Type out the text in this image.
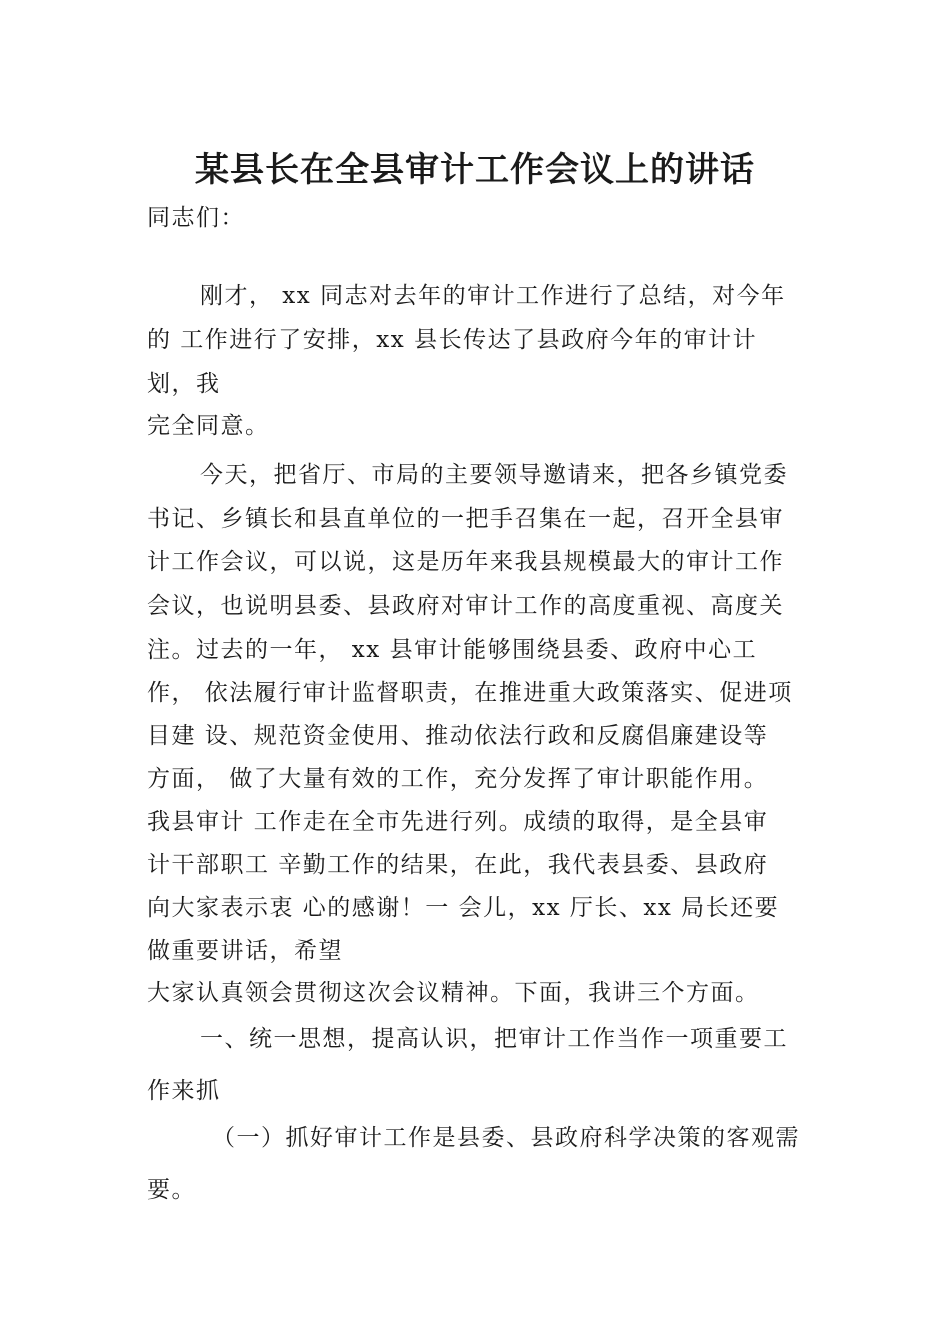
某县长在全县审计工作会议上的讲话
同志们：
刚才， xx 同志对去年的审计工作进行了总结，对今年
的 工作进行了安排，xx 县长传达了县政府今年的审计计
划，我
完全同意。
今天，把省厅、市局的主要领导邀请来，把各乡镇党委
书记、乡镇长和县直单位的一把手召集在一起，召开全县审
计工作会议，可以说，这是历年来我县规模最大的审计工作
会议，也说明县委、县政府对审计工作的高度重视、高度关
注。过去的一年， xx 县审计能够围绕县委、政府中心工
作， 依法履行审计监督职责，在推进重大政策落实、促进项
目建 设、规范资金使用、推动依法行政和反腐倡廉建设等
方面， 做了大量有效的工作，充分发挥了审计职能作用。
我县审计 工作走在全市先进行列。成绩的取得，是全县审
计干部职工 辛勤工作的结果，在此，我代表县委、县政府
向大家表示衷 心的感谢！一 会儿，xx 厅长、xx 局长还要
做重要讲话，希望
大家认真领会贯彻这次会议精神。下面，我讲三个方面。
一、统一思想，提高认识，把审计工作当作一项重要工
作来抓
（一）抓好审计工作是县委、县政府科学决策的客观需
要。
